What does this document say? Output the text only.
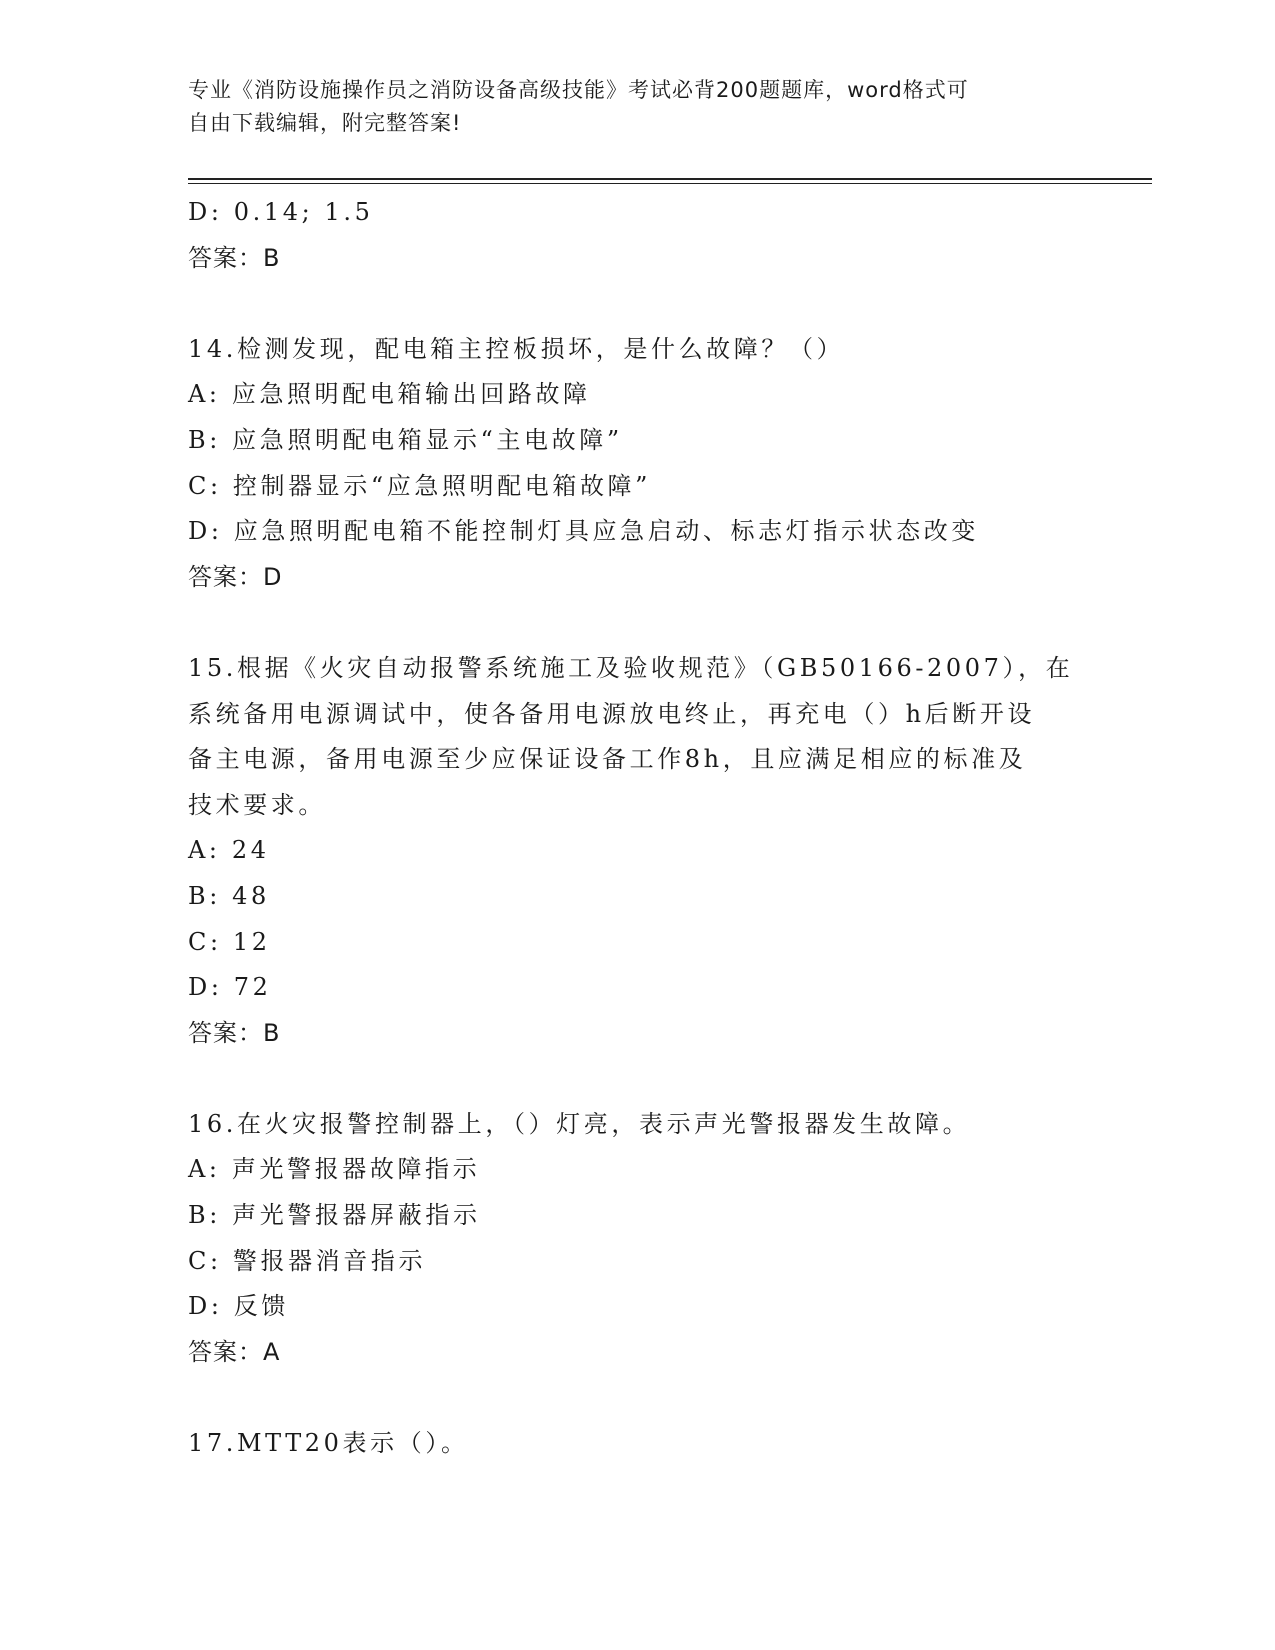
专业《消防设施操作员之消防设备高级技能》考试必背200题题库，word格式可
自由下载编辑，附完整答案!
D: 0.14; 1.5
答案：B
14.检测发现，配电箱主控板损坏，是什么故障？（）
A: 应急照明配电箱输出回路故障
B: 应急照明配电箱显示“主电故障”
C: 控制器显示“应急照明配电箱故障”
D: 应急照明配电箱不能控制灯具应急启动、标志灯指示状态改变
答案：D
15.根据《火灾自动报警系统施工及验收规范》（GB50166-2007），在
系统备用电源调试中，使各备用电源放电终止，再充电（）h后断开设
备主电源，备用电源至少应保证设备工作8h，且应满足相应的标准及
技术要求。
A: 24
B: 48
C: 12
D: 72
答案：B
16.在火灾报警控制器上，（）灯亮，表示声光警报器发生故障。
A: 声光警报器故障指示
B: 声光警报器屏蔽指示
C: 警报器消音指示
D: 反馈
答案：A
17.MTT20表示（）。
